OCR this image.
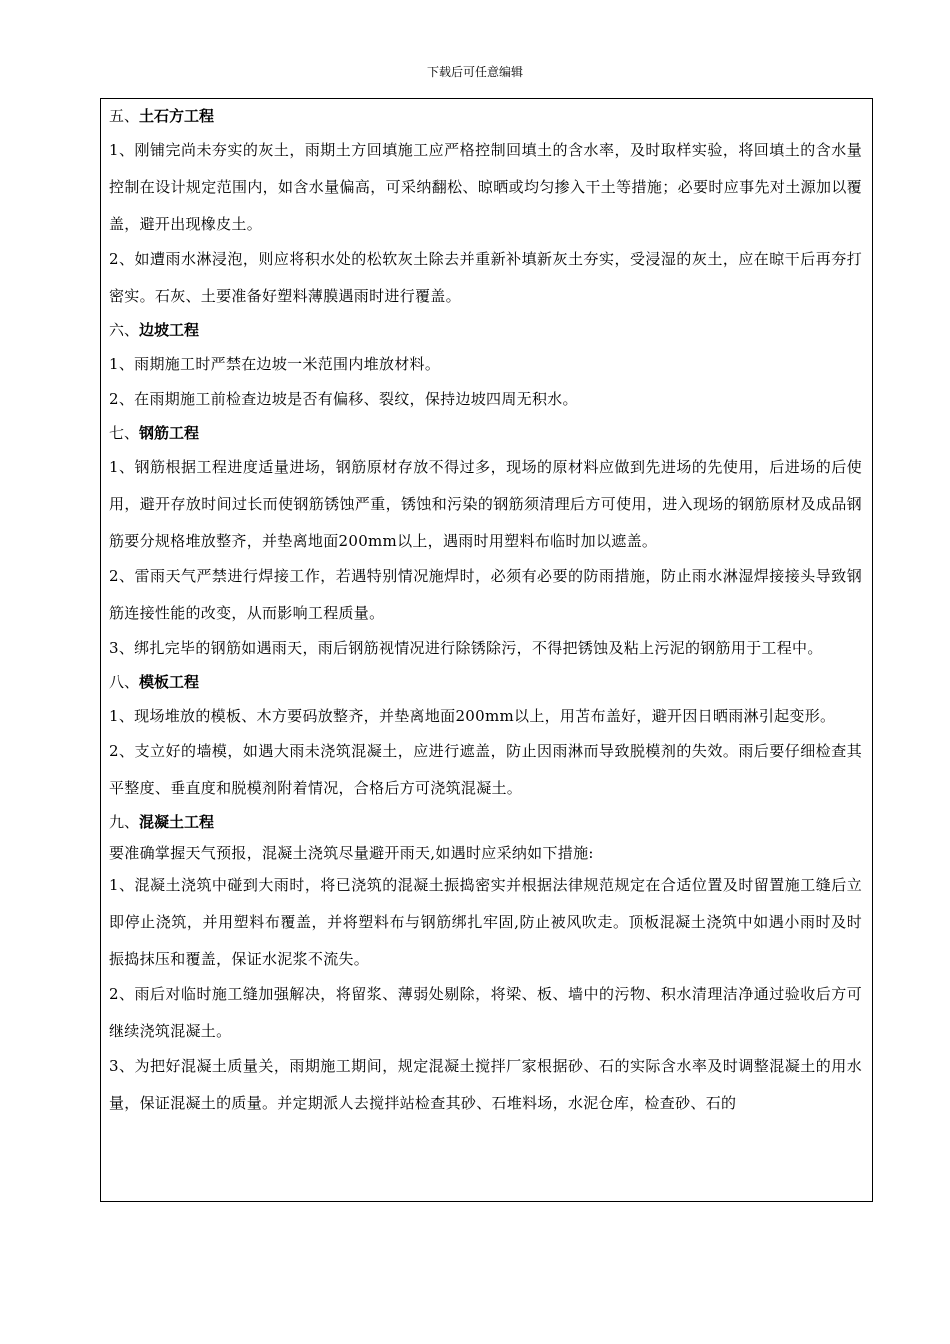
下载后可任意编辑

五、土石方工程

1、刚铺完尚未夯实的灰土，雨期土方回填施工应严格控制回填土的含水率，及时取样实验，将回填土的含水量控制在设计规定范围内，如含水量偏高，可采纳翻松、晾晒或均匀掺入干土等措施；必要时应事先对土源加以覆盖，避开出现橡皮土。

2、如遭雨水淋浸泡，则应将积水处的松软灰土除去并重新补填新灰土夯实，受浸湿的灰土，应在晾干后再夯打密实。石灰、土要准备好塑料薄膜遇雨时进行覆盖。

六、边坡工程

1、雨期施工时严禁在边坡一米范围内堆放材料。

2、在雨期施工前检查边坡是否有偏移、裂纹，保持边坡四周无积水。

七、钢筋工程

1、钢筋根据工程进度适量进场，钢筋原材存放不得过多，现场的原材料应做到先进场的先使用，后进场的后使用，避开存放时间过长而使钢筋锈蚀严重，锈蚀和污染的钢筋须清理后方可使用，进入现场的钢筋原材及成品钢筋要分规格堆放整齐，并垫离地面200mm以上，遇雨时用塑料布临时加以遮盖。

2、雷雨天气严禁进行焊接工作，若遇特别情况施焊时，必须有必要的防雨措施，防止雨水淋湿焊接接头导致钢筋连接性能的改变，从而影响工程质量。

3、绑扎完毕的钢筋如遇雨天，雨后钢筋视情况进行除锈除污，不得把锈蚀及粘上污泥的钢筋用于工程中。

八、模板工程

1、现场堆放的模板、木方要码放整齐，并垫离地面200mm以上，用苫布盖好，避开因日晒雨淋引起变形。

2、支立好的墙模，如遇大雨未浇筑混凝土，应进行遮盖，防止因雨淋而导致脱模剂的失效。雨后要仔细检查其平整度、垂直度和脱模剂附着情况，合格后方可浇筑混凝土。

九、混凝土工程

要准确掌握天气预报，混凝土浇筑尽量避开雨天,如遇时应采纳如下措施:

1、混凝土浇筑中碰到大雨时，将已浇筑的混凝土振捣密实并根据法律规范规定在合适位置及时留置施工缝后立即停止浇筑，并用塑料布覆盖，并将塑料布与钢筋绑扎牢固,防止被风吹走。顶板混凝土浇筑中如遇小雨时及时振捣抹压和覆盖，保证水泥浆不流失。

2、雨后对临时施工缝加强解决，将留浆、薄弱处剔除，将梁、板、墙中的污物、积水清理洁净通过验收后方可继续浇筑混凝土。

3、为把好混凝土质量关，雨期施工期间，规定混凝土搅拌厂家根据砂、石的实际含水率及时调整混凝土的用水量，保证混凝土的质量。并定期派人去搅拌站检查其砂、石堆料场，水泥仓库，检查砂、石的
